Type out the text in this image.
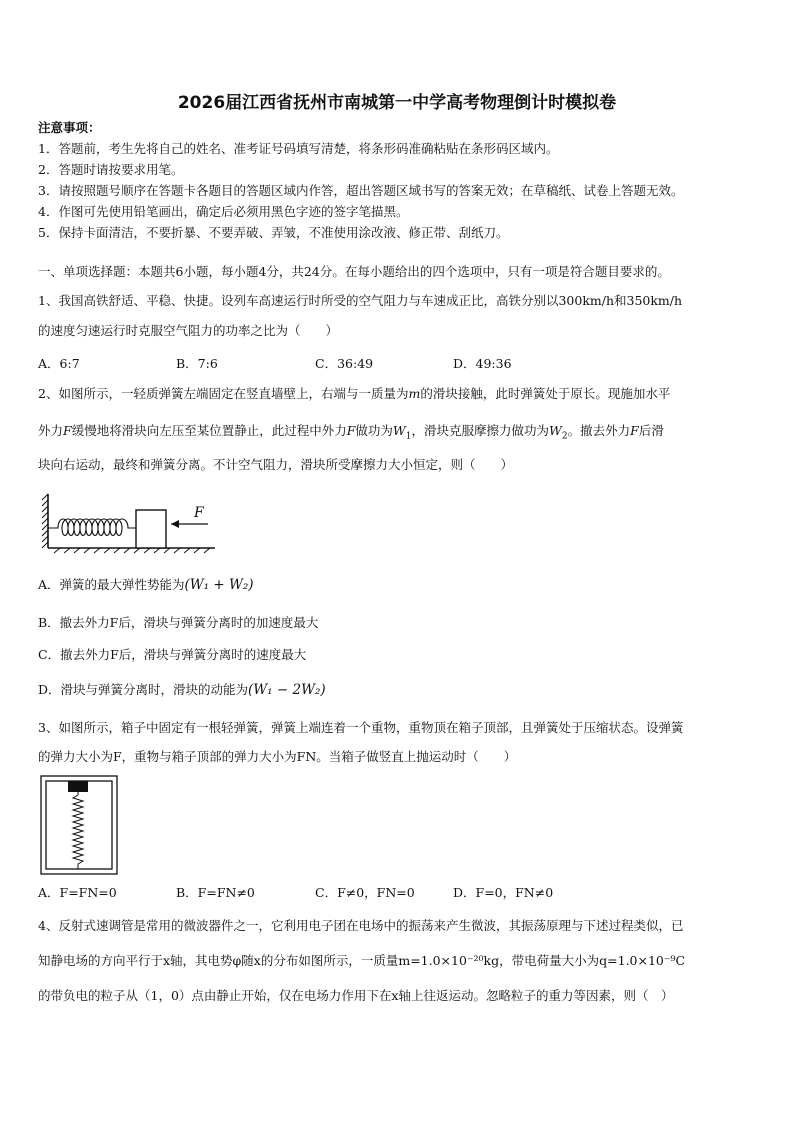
2026届江西省抚州市南城第一中学高考物理倒计时模拟卷
注意事项：
1．答题前，考生先将自己的姓名、准考证号码填写清楚，将条形码准确粘贴在条形码区域内。
2．答题时请按要求用笔。
3．请按照题号顺序在答题卡各题目的答题区域内作答，超出答题区域书写的答案无效；在草稿纸、试卷上答题无效。
4．作图可先使用铅笔画出，确定后必须用黑色字迹的签字笔描黑。
5．保持卡面清洁，不要折暴、不要弄破、弄皱，不准使用涂改液、修正带、刮纸刀。
一、单项选择题：本题共6小题，每小题4分，共24分。在每小题给出的四个选项中，只有一项是符合题目要求的。
1、我国高铁舒适、平稳、快捷。设列车高速运行时所受的空气阻力与车速成正比，高铁分别以300km/h和350km/h
的速度匀速运行时克服空气阻力的功率之比为（　　）
A．6:7	B．7:6	C．36:49	D．49:36
2、如图所示，一轻质弹簧左端固定在竖直墙壁上，右端与一质量为m的滑块接触，此时弹簧处于原长。现施加水平
外力F缓慢地将滑块向左压至某位置静止，此过程中外力F做功为$W_1$，滑块克服摩擦力做功为$W_2$。撤去外力F后滑
块向右运动，最终和弹簧分离。不计空气阻力，滑块所受摩擦力大小恒定，则（　　）
F
A．弹簧的最大弹性势能为(W₁ + W₂)
B．撤去外力F后，滑块与弹簧分离时的加速度最大
C．撤去外力F后，滑块与弹簧分离时的速度最大
D．滑块与弹簧分离时，滑块的动能为(W₁ − 2W₂)
3、如图所示，箱子中固定有一根轻弹簧，弹簧上端连着一个重物，重物顶在箱子顶部，且弹簧处于压缩状态。设弹簧
的弹力大小为F，重物与箱子顶部的弹力大小为FN。当箱子做竖直上抛运动时（　　）
A．F=FN=0	B．F=FN≠0	C．F≠0，FN=0	D．F=0，FN≠0
4、反射式速调管是常用的微波器件之一，它利用电子团在电场中的振荡来产生微波，其振荡原理与下述过程类似，已
知静电场的方向平行于x轴，其电势φ随x的分布如图所示，一质量m=1.0×10⁻²⁰kg，带电荷量大小为q=1.0×10⁻⁹C
的带负电的粒子从（1，0）点由静止开始，仅在电场力作用下在x轴上往返运动。忽略粒子的重力等因素，则（　）
